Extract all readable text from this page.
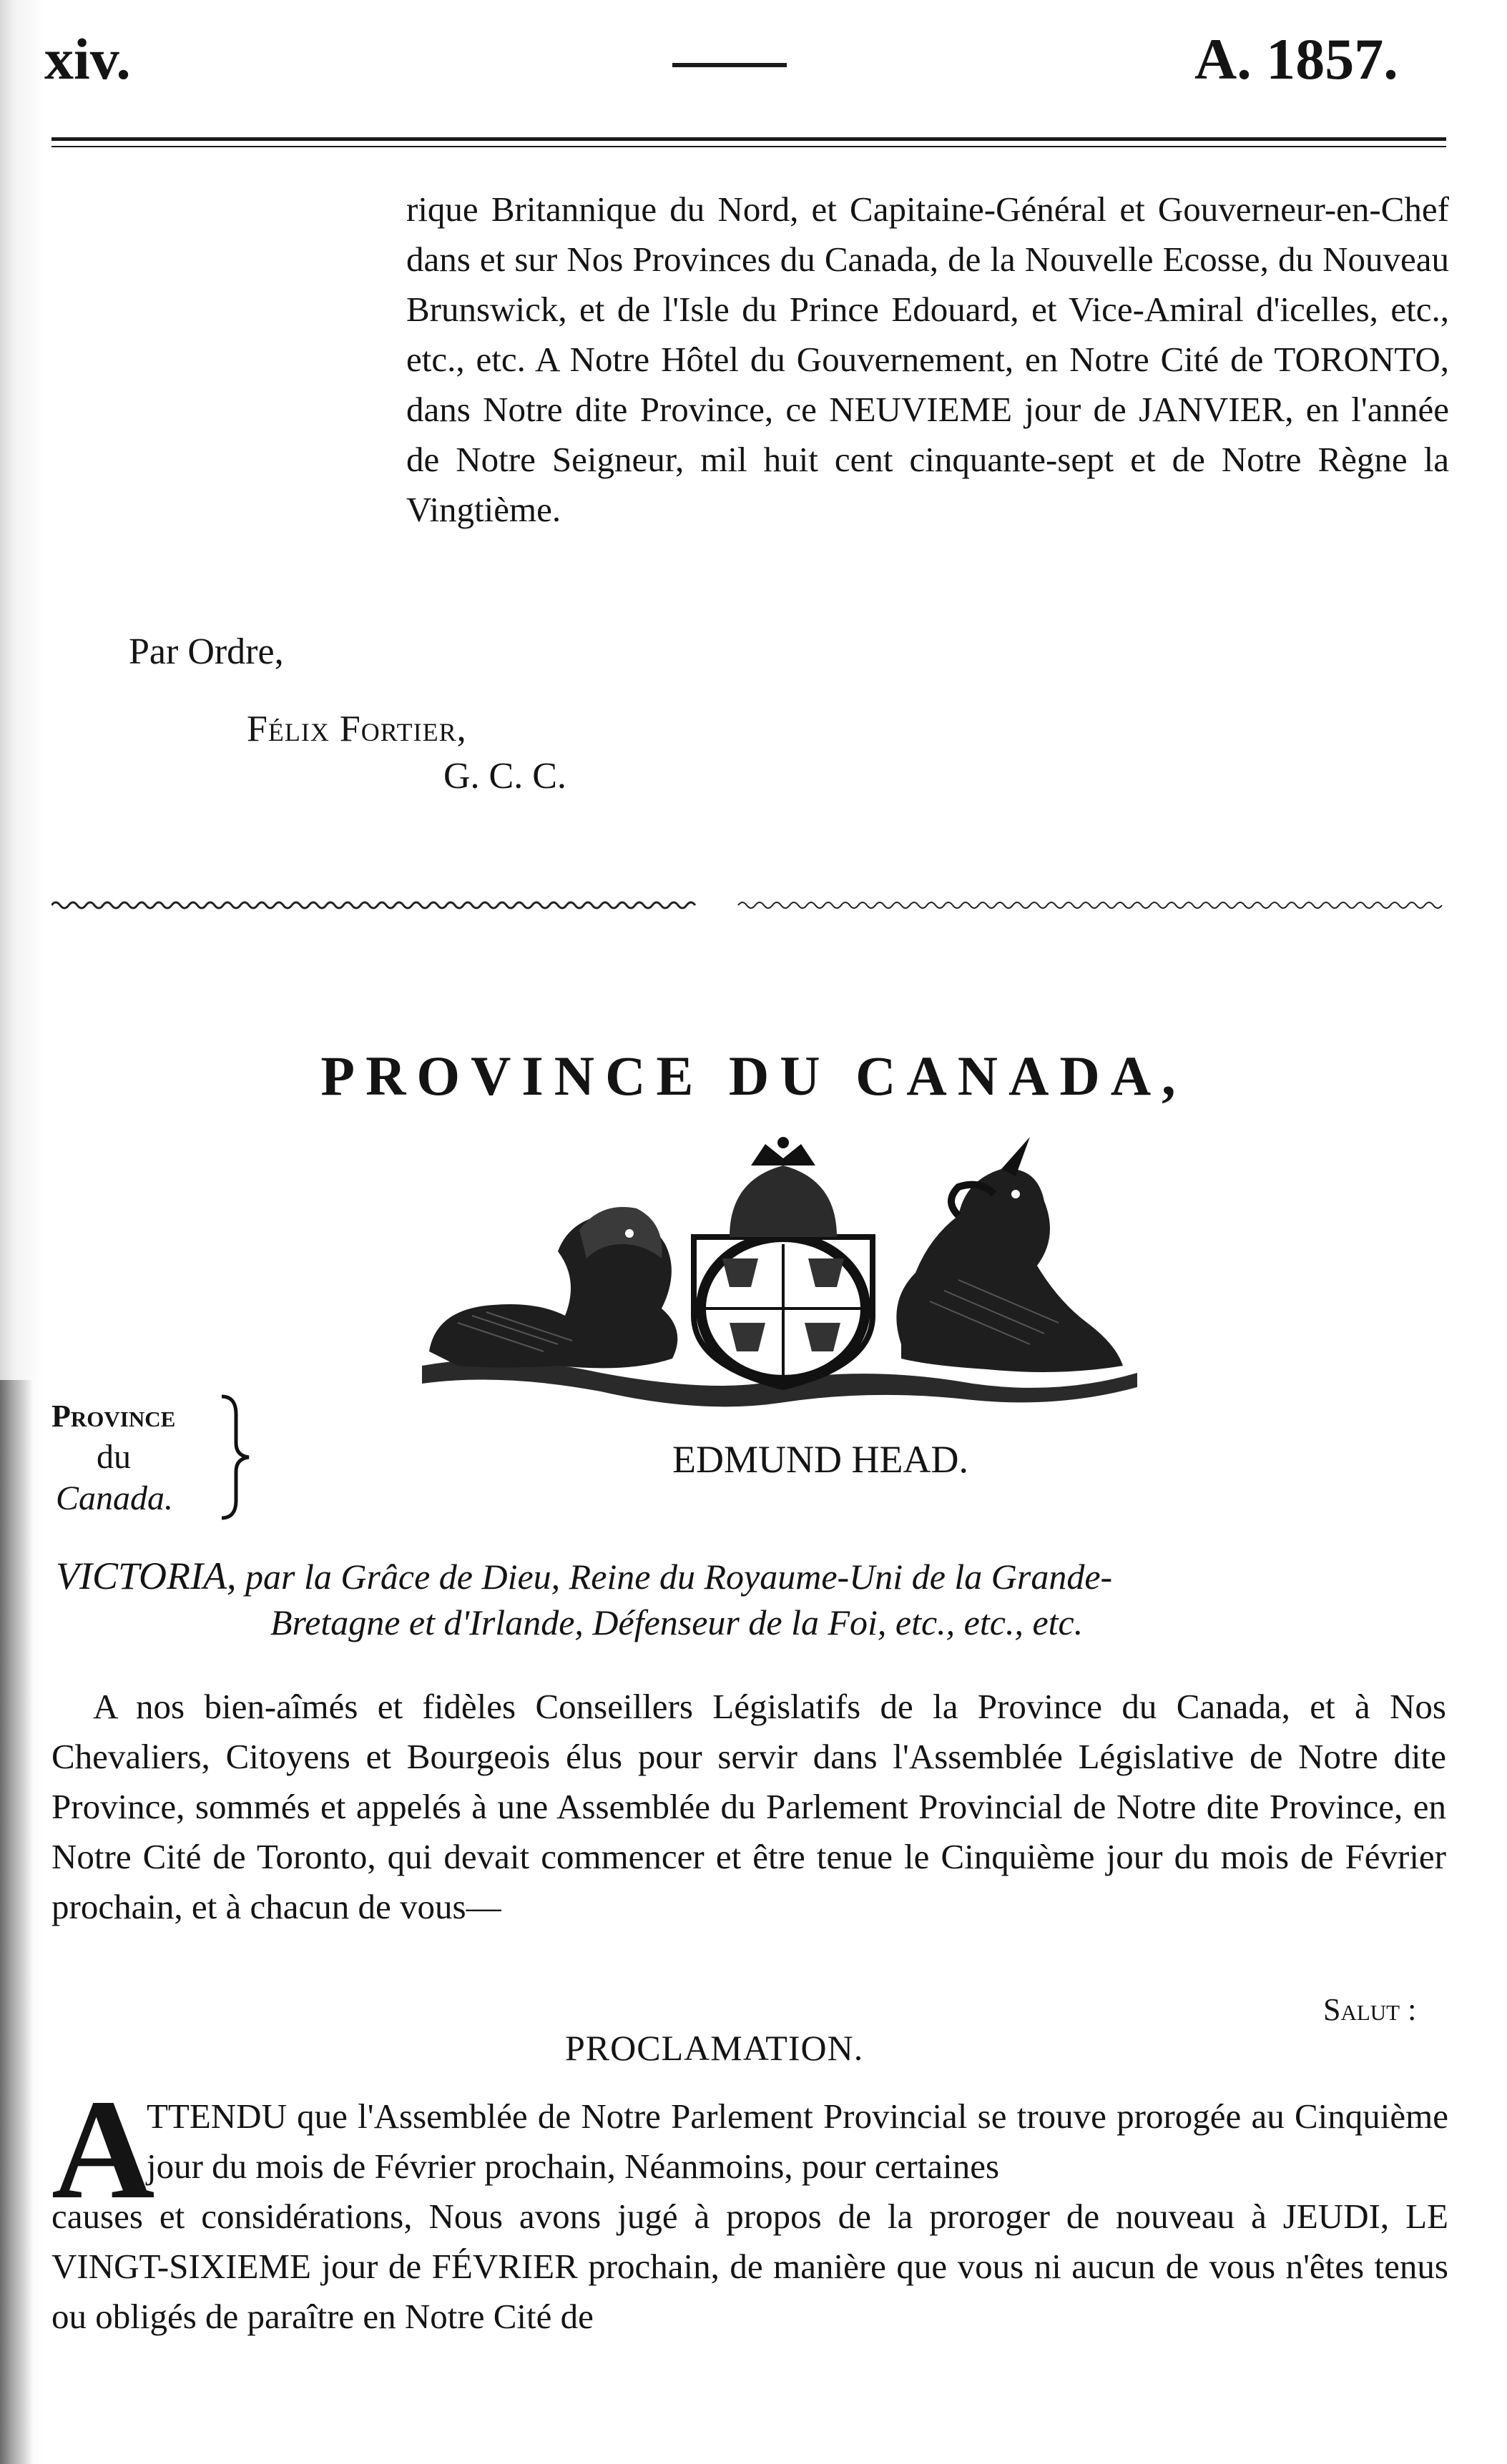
xiv.	A. 1857.
rique Britannique du Nord, et Capitaine-Général et Gouverneur-en-Chef dans et sur Nos Provinces du Canada, de la Nouvelle Ecosse, du Nouveau Brunswick, et de l'Isle du Prince Edouard, et Vice-Amiral d'icelles, etc., etc., etc. A Notre Hôtel du Gouvernement, en Notre Cité de TORONTO, dans Notre dite Province, ce NEUVIEME jour de JANVIER, en l'année de Notre Seigneur, mil huit cent cinquante-sept et de Notre Règne la Vingtième.
Par Ordre,
Félix Fortier,
G. C. C.
PROVINCE DU CANADA,
Province
du
Canada.
EDMUND HEAD.
VICTORIA, par la Grâce de Dieu, Reine du Royaume-Uni de la Grande-
Bretagne et d'Irlande, Défenseur de la Foi, etc., etc., etc.
A nos bien-aîmés et fidèles Conseillers Législatifs de la Province du Canada, et à Nos Chevaliers, Citoyens et Bourgeois élus pour servir dans l'Assemblée Législative de Notre dite Province, sommés et appelés à une Assemblée du Parlement Provincial de Notre dite Province, en Notre Cité de Toronto, qui devait commencer et être tenue le Cinquième jour du mois de Février prochain, et à chacun de vous—
Salut :
PROCLAMATION.
A
TTENDU que l'Assemblée de Notre Parlement Provincial se trouve prorogée au Cinquième jour du mois de Février prochain, Néanmoins, pour certaines
causes et considérations, Nous avons jugé à propos de la proroger de nouveau à JEUDI, LE VINGT-SIXIEME jour de FÉVRIER prochain, de manière que vous ni aucun de vous n'êtes tenus ou obligés de paraître en Notre Cité de
